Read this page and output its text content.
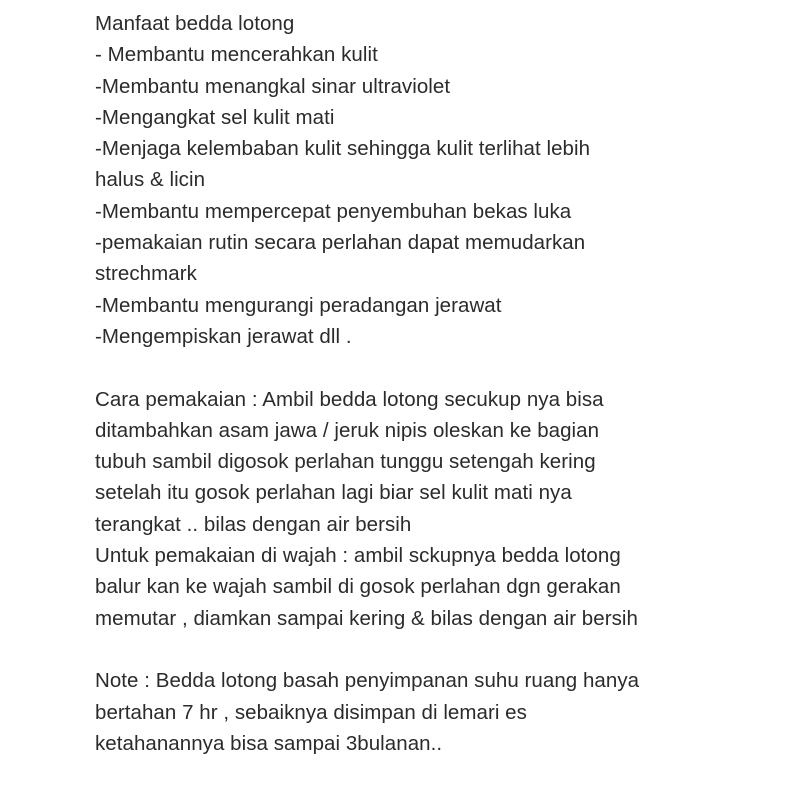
Manfaat bedda lotong
- Membantu mencerahkan kulit
-Membantu menangkal sinar ultraviolet
-Mengangkat sel kulit mati
-Menjaga kelembaban kulit sehingga kulit terlihat lebih
halus & licin
-Membantu mempercepat penyembuhan bekas luka
-pemakaian rutin secara perlahan dapat memudarkan
strechmark
-Membantu mengurangi peradangan jerawat
-Mengempiskan jerawat dll .
Cara pemakaian : Ambil bedda lotong secukup nya bisa
ditambahkan asam jawa / jeruk nipis oleskan ke bagian
tubuh sambil digosok perlahan tunggu setengah kering
setelah itu gosok perlahan lagi biar sel kulit mati nya
terangkat .. bilas dengan air bersih
Untuk pemakaian di wajah : ambil sckupnya bedda lotong
balur kan ke wajah sambil di gosok perlahan dgn gerakan
memutar , diamkan sampai kering & bilas dengan air bersih
Note : Bedda lotong basah penyimpanan suhu ruang hanya
bertahan 7 hr , sebaiknya disimpan di lemari es
ketahanannya bisa sampai 3bulanan..
